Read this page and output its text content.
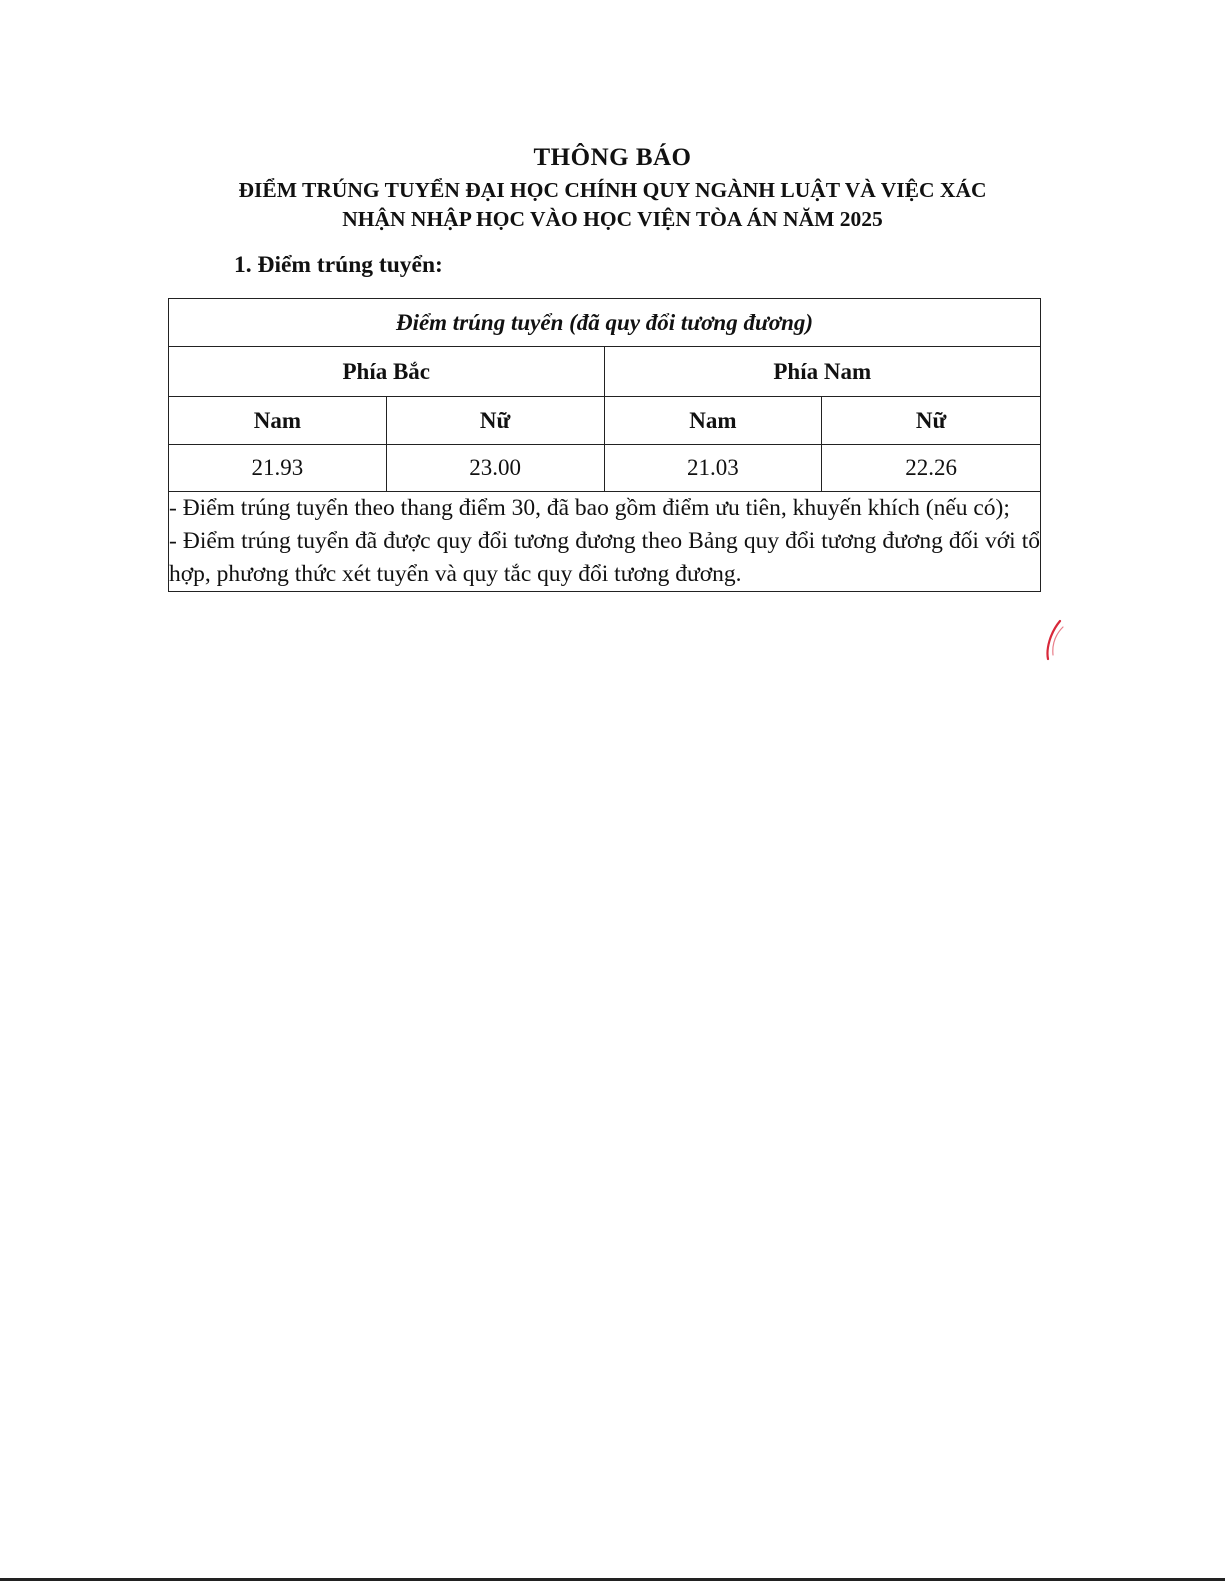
THÔNG BÁO
ĐIỂM TRÚNG TUYỂN ĐẠI HỌC CHÍNH QUY NGÀNH LUẬT VÀ VIỆC XÁC
NHẬN NHẬP HỌC VÀO HỌC VIỆN TÒA ÁN NĂM 2025
1. Điểm trúng tuyển:
Điểm trúng tuyển (đã quy đổi tương đương)			
Phía Bắc		Phía Nam	
Nam	Nữ	Nam	Nữ
21.93	23.00	21.03	22.26

- Điểm trúng tuyển theo thang điểm 30, đã bao gồm điểm ưu tiên, khuyến khích (nếu có);
- Điểm trúng tuyển đã được quy đổi tương đương theo Bảng quy đổi tương đương đối với tổ hợp, phương thức xét tuyển và quy tắc quy đổi tương đương.			
